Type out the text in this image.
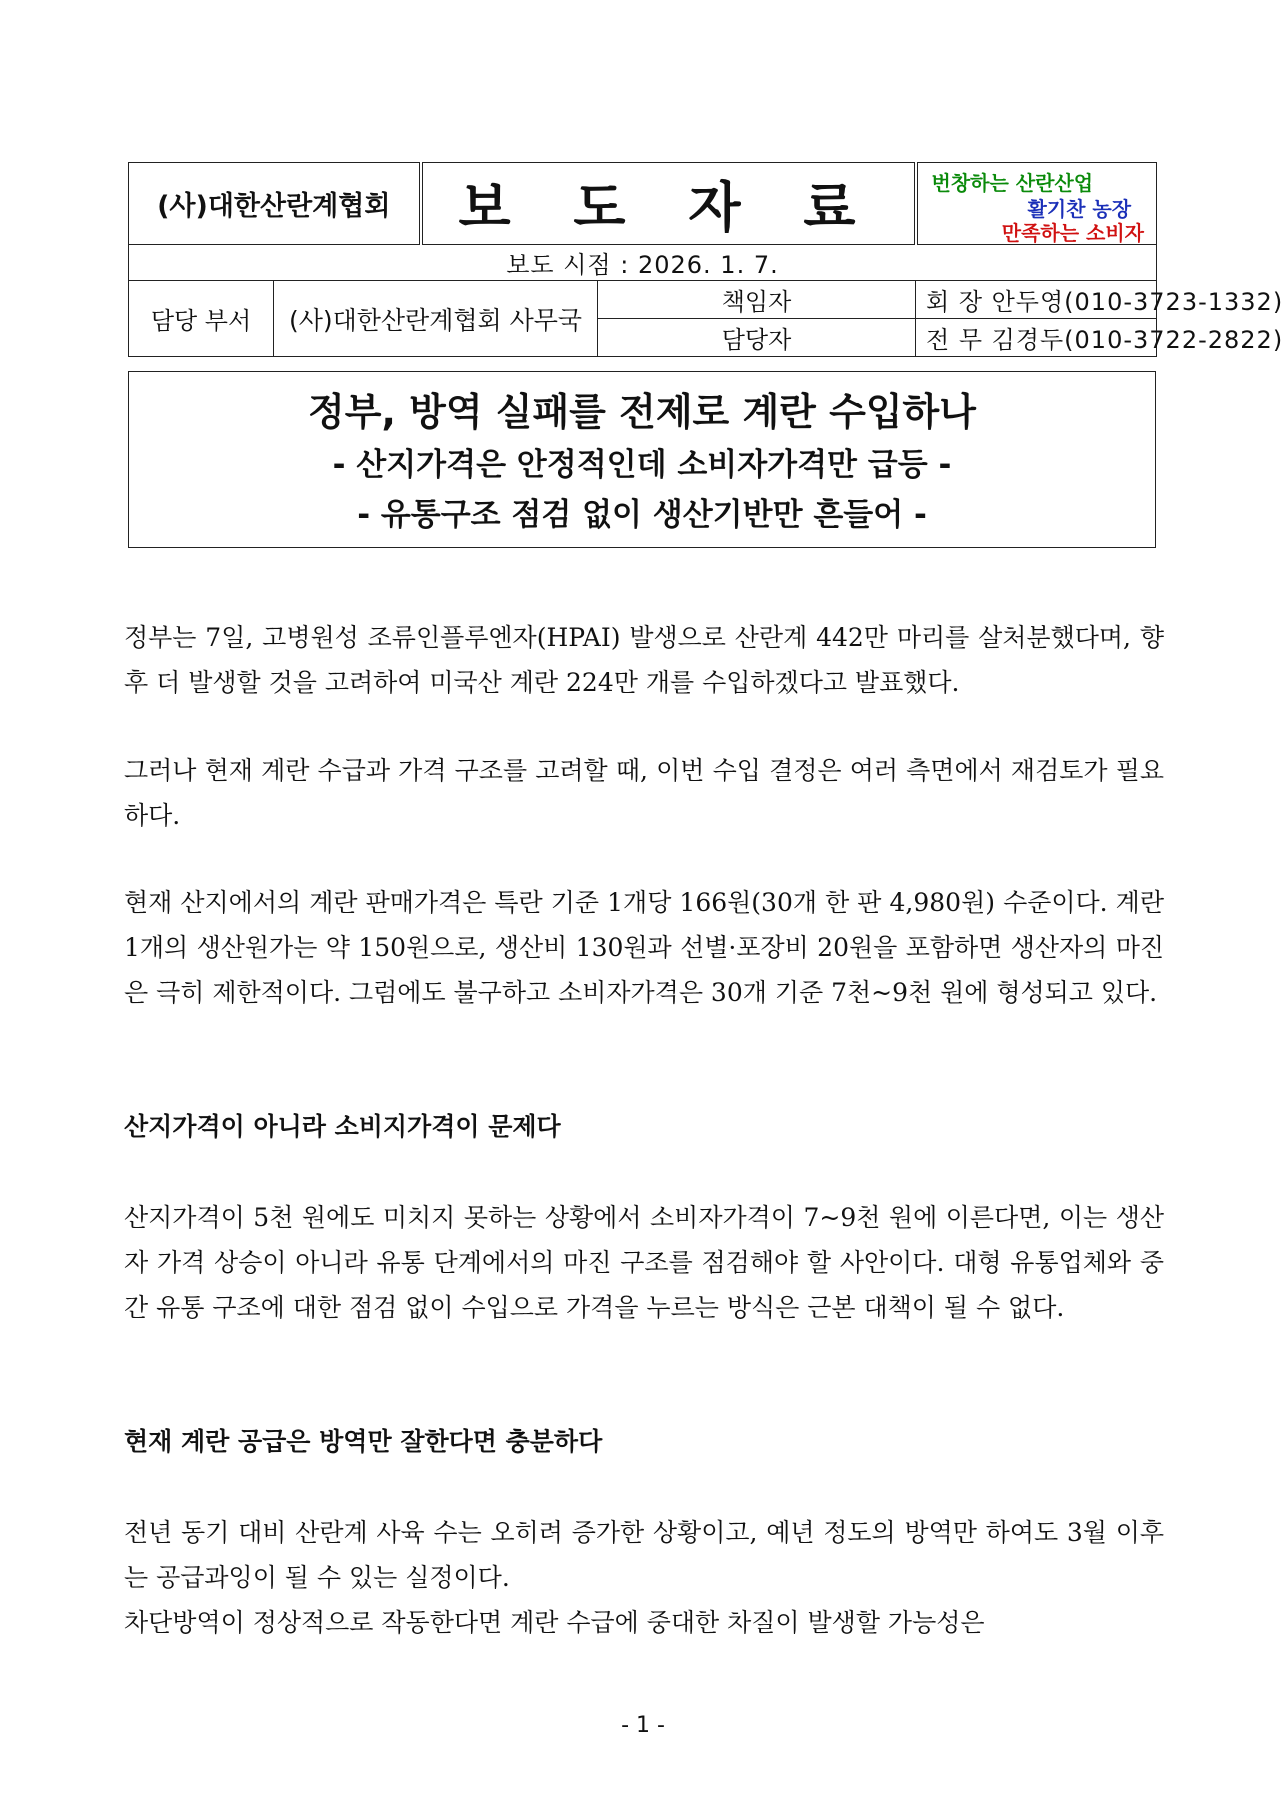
(사)대한산란계협회		보 도 자 료		번창하는 산란산업
활기찬 농장
만족하는 소비자

보도 시점 : 2026. 1. 7.				
담당 부서	(사)대한산란계협회 사무국		책임자	회 장 안두영(010-3723-1332)
			담당자	전 무 김경두(010-3722-2822)
정부, 방역 실패를 전제로 계란 수입하나
- 산지가격은 안정적인데 소비자가격만 급등 -
- 유통구조 점검 없이 생산기반만 흔들어 -

정부는 7일, 고병원성 조류인플루엔자(HPAI) 발생으로 산란계 442만 마리를 살처분했다며, 향후 더 발생할 것을 고려하여 미국산 계란 224만 개를 수입하겠다고 발표했다.

그러나 현재 계란 수급과 가격 구조를 고려할 때, 이번 수입 결정은 여러 측면에서 재검토가 필요하다.

현재 산지에서의 계란 판매가격은 특란 기준 1개당 166원(30개 한 판 4,980원) 수준이다. 계란 1개의 생산원가는 약 150원으로, 생산비 130원과 선별·포장비 20원을 포함하면 생산자의 마진은 극히 제한적이다. 그럼에도 불구하고 소비자가격은 30개 기준 7천~9천 원에 형성되고 있다.

산지가격이 아니라 소비지가격이 문제다

산지가격이 5천 원에도 미치지 못하는 상황에서 소비자가격이 7~9천 원에 이른다면, 이는 생산자 가격 상승이 아니라 유통 단계에서의 마진 구조를 점검해야 할 사안이다. 대형 유통업체와 중간 유통 구조에 대한 점검 없이 수입으로 가격을 누르는 방식은 근본 대책이 될 수 없다.

현재 계란 공급은 방역만 잘한다면 충분하다

전년 동기 대비 산란계 사육 수는 오히려 증가한 상황이고, 예년 정도의 방역만 하여도 3월 이후는 공급과잉이 될 수 있는 실정이다.

차단방역이 정상적으로 작동한다면 계란 수급에 중대한 차질이 발생할 가능성은

- 1 -
